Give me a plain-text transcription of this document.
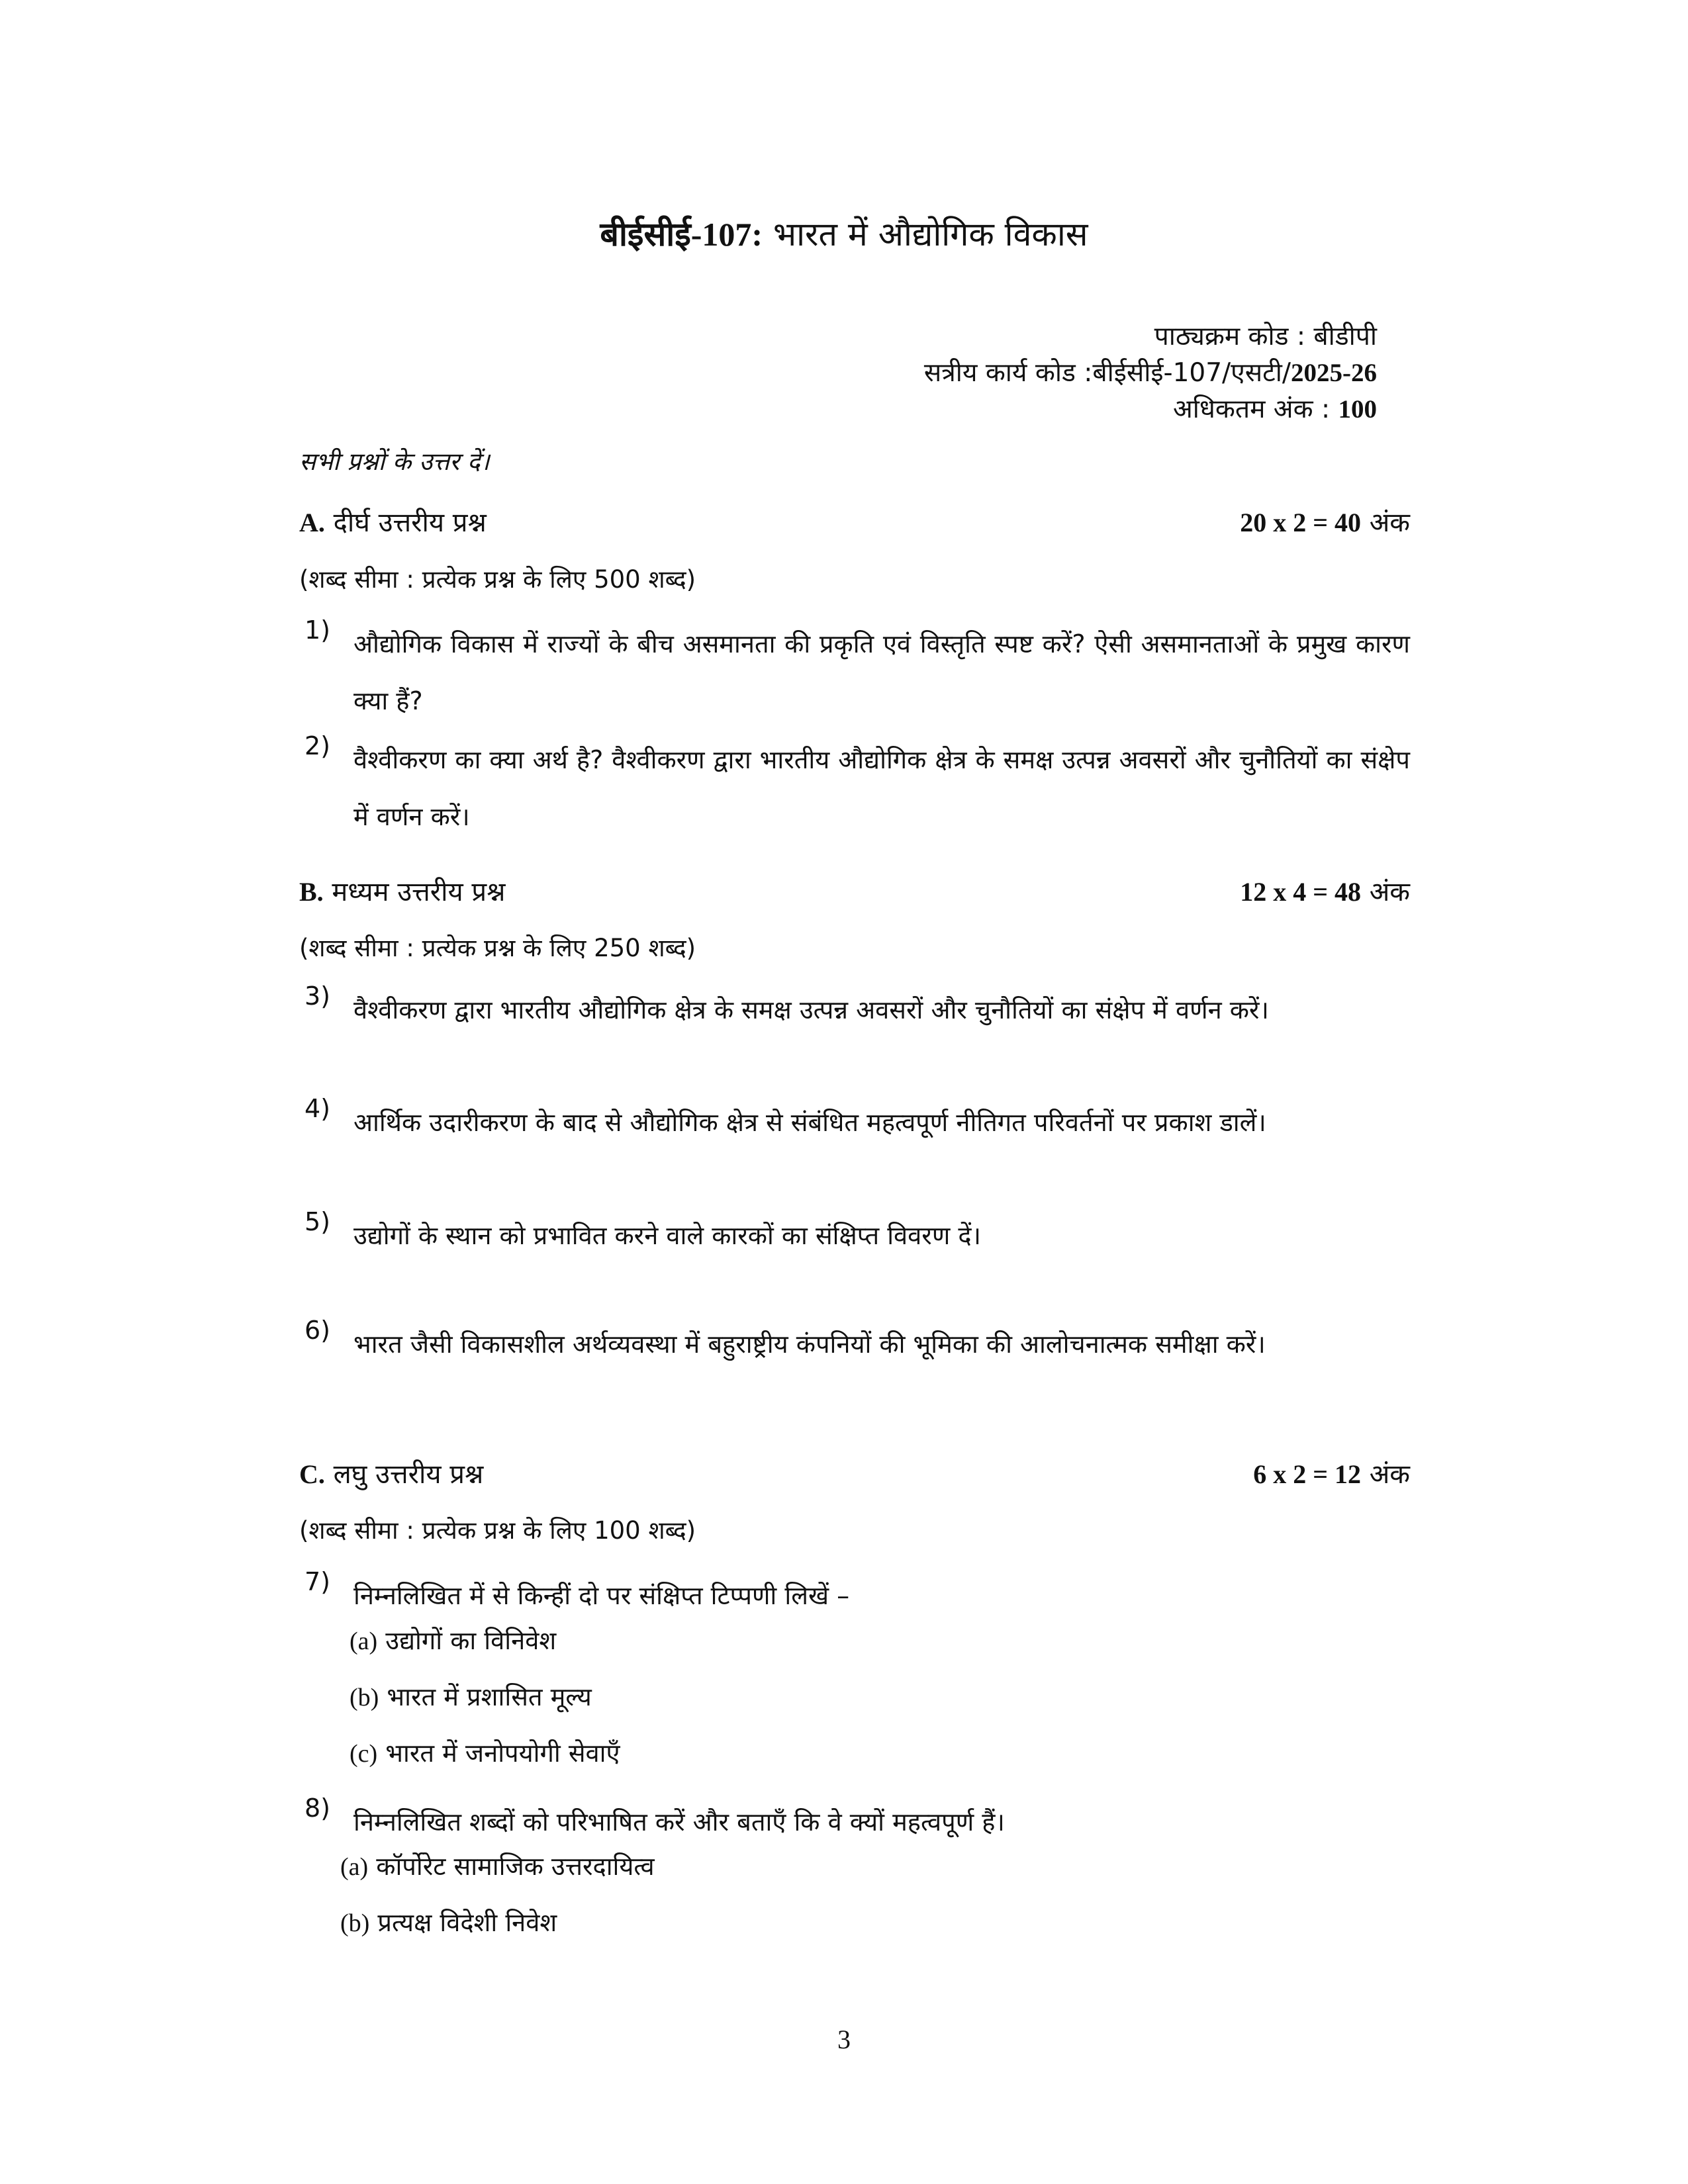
बीईसीई-107: भारत में औद्योगिक विकास
पाठ्यक्रम कोड : बीडीपी
सत्रीय कार्य कोड :बीईसीई-107/एसटी/2025-26
अधिकतम अंक : 100
सभी प्रश्नों के उत्तर दें।
A. दीर्घ उत्तरीय प्रश्न	20 x 2 = 40 अंक
(शब्द सीमा : प्रत्येक प्रश्न के लिए 500 शब्द)
1) औद्योगिक विकास में राज्यों के बीच असमानता की प्रकृति एवं विस्तृति स्पष्ट करें? ऐसी असमानताओं के प्रमुख कारण क्या हैं?
2) वैश्वीकरण का क्या अर्थ है? वैश्वीकरण द्वारा भारतीय औद्योगिक क्षेत्र के समक्ष उत्पन्न अवसरों और चुनौतियों का संक्षेप में वर्णन करें।
B. मध्यम उत्तरीय प्रश्न	12 x 4 = 48 अंक
(शब्द सीमा : प्रत्येक प्रश्न के लिए 250 शब्द)
3) वैश्वीकरण द्वारा भारतीय औद्योगिक क्षेत्र के समक्ष उत्पन्न अवसरों और चुनौतियों का संक्षेप में वर्णन करें।
4) आर्थिक उदारीकरण के बाद से औद्योगिक क्षेत्र से संबंधित महत्वपूर्ण नीतिगत परिवर्तनों पर प्रकाश डालें।
5) उद्योगों के स्थान को प्रभावित करने वाले कारकों का संक्षिप्त विवरण दें।
6) भारत जैसी विकासशील अर्थव्यवस्था में बहुराष्ट्रीय कंपनियों की भूमिका की आलोचनात्मक समीक्षा करें।
C. लघु उत्तरीय प्रश्न	6 x 2 = 12 अंक
(शब्द सीमा : प्रत्येक प्रश्न के लिए 100 शब्द)
7) निम्नलिखित में से किन्हीं दो पर संक्षिप्त टिप्पणी लिखें –
(a) उद्योगों का विनिवेश
(b) भारत में प्रशासित मूल्य
(c) भारत में जनोपयोगी सेवाएँ
8) निम्नलिखित शब्दों को परिभाषित करें और बताएँ कि वे क्यों महत्वपूर्ण हैं।
(a) कॉर्पोरेट सामाजिक उत्तरदायित्व
(b) प्रत्यक्ष विदेशी निवेश
3
